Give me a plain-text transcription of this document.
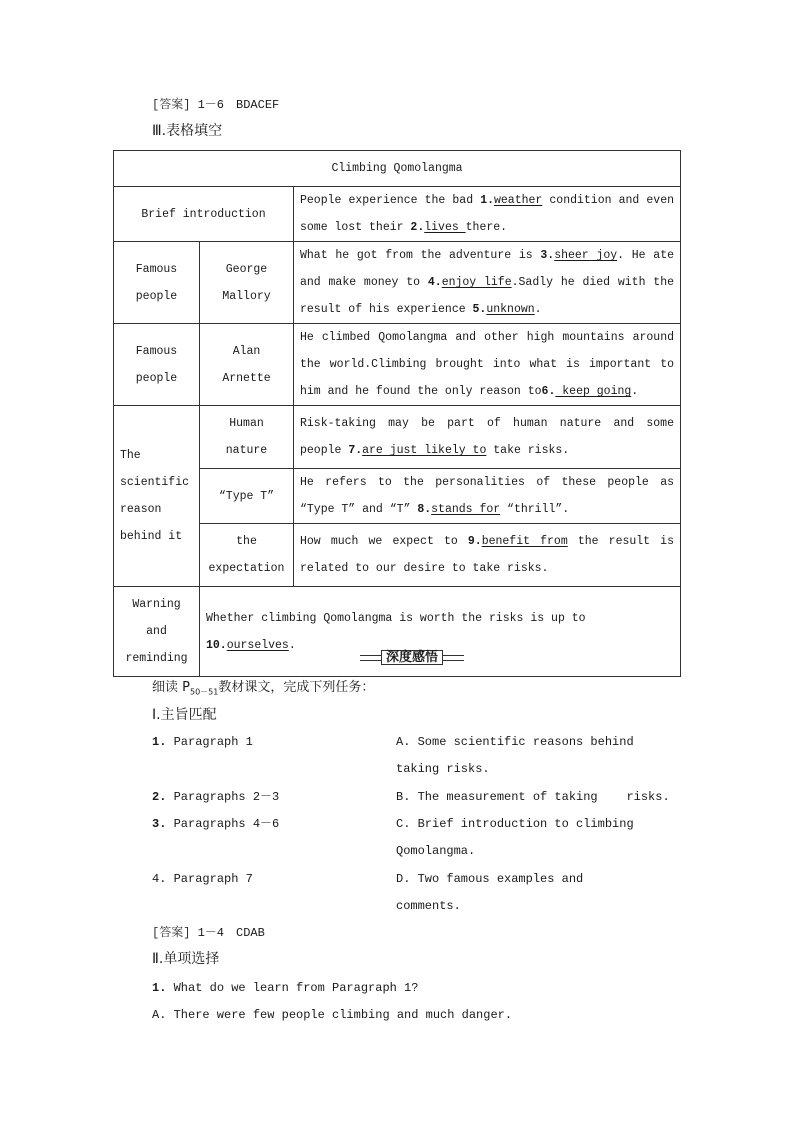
[答案] 1－6　BDACEF
Ⅲ.表格填空
Climbing Qomolangma		
Brief introduction		People experience the bad 1.weather condition and even some lost their 2.lives there.
Famous people	George Mallory	What he got from the adventure is 3.sheer joy. He ate and make money to 4.enjoy life.Sadly he died with the result of his experience 5.unknown.
Famous people	Alan Arnette	He climbed Qomolangma and other high mountains around the world.Climbing brought into what is important to him and he found the only reason to6. keep going.
The scientific reason behind it	Human nature	Risk-taking may be part of human nature and some people 7.are just likely to take risks.
	“Type T”	He refers to the personalities of these people as “Type T” and “T” 8.stands for “thrill”.
	the expectation	How much we expect to 9.benefit from the result is related to our desire to take risks.
Warning and reminding	Whether climbing Qomolangma is worth the risks is up to 10.ourselves.	
深度感悟
细读 $P_{50-51}$教材课文，完成下列任务：
Ⅰ.主旨匹配
1. Paragraph 1	A. Some scientific reasons behind
taking risks.
2. Paragraphs 2－3	B. The measurement of taking    risks.
3. Paragraphs 4－6	C. Brief introduction to climbing
Qomolangma.
4. Paragraph 7	D. Two famous examples and
comments.
[答案] 1－4　CDAB
Ⅱ.单项选择
1. What do we learn from Paragraph 1?
A. There were few people climbing and much danger.
